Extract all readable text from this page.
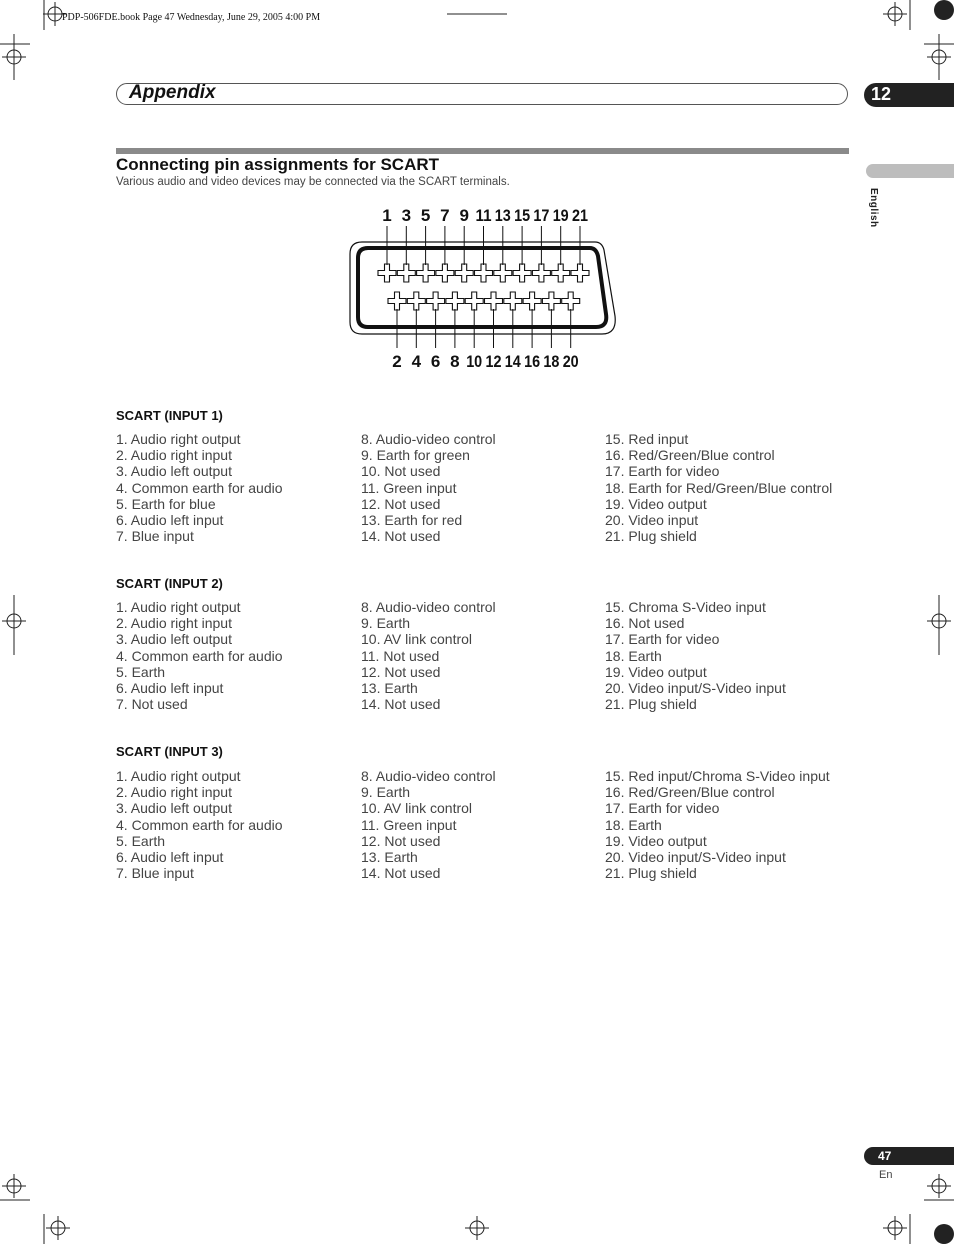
PDP-506FDE.book Page 47 Wednesday, June 29, 2005 4:00 PM
Appendix	12
English
Connecting pin assignments for SCART
Various audio and video devices may be connected via the SCART terminals.
1 3 5 7 9 11 13 15 17 19 21
2 4 6 8 10 12 14 16 18 20
SCART (INPUT 1)
SCART (INPUT 2)
SCART (INPUT 3)
1. Audio right output
2. Audio right input
3. Audio left output
4. Common earth for audio
5. Earth for blue
6. Audio left input
7. Blue input
8. Audio-video control
9. Earth for green
10. Not used
11. Green input
12. Not used
13. Earth for red
14. Not used
15. Red input
16. Red/Green/Blue control
17. Earth for video
18. Earth for Red/Green/Blue control
19. Video output
20. Video input
21. Plug shield
1. Audio right output
2. Audio right input
3. Audio left output
4. Common earth for audio
5. Earth
6. Audio left input
7. Not used
8. Audio-video control
9. Earth
10. AV link control
11. Not used
12. Not used
13. Earth
14. Not used
15. Chroma S-Video input
16. Not used
17. Earth for video
18. Earth
19. Video output
20. Video input/S-Video input
21. Plug shield
1. Audio right output
2. Audio right input
3. Audio left output
4. Common earth for audio
5. Earth
6. Audio left input
7. Blue input
8. Audio-video control
9. Earth
10. AV link control
11. Green input
12. Not used
13. Earth
14. Not used
15. Red input/Chroma S-Video input
16. Red/Green/Blue control
17. Earth for video
18. Earth
19. Video output
20. Video input/S-Video input
21. Plug shield
47
En
